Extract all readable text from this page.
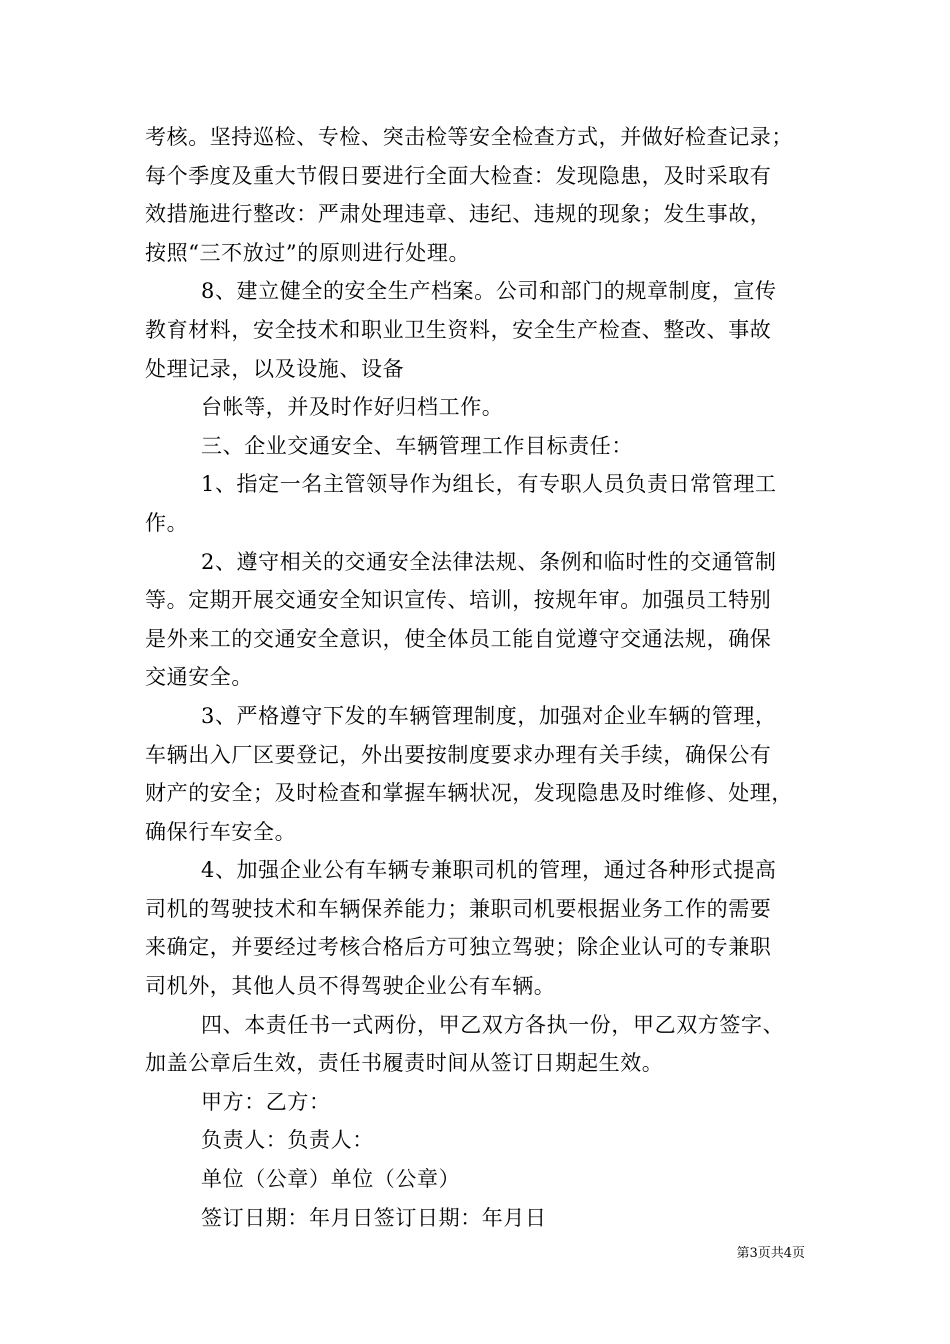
考核。坚持巡检、专检、突击检等安全检查方式，并做好检查记录；
每个季度及重大节假日要进行全面大检查：发现隐患，及时采取有
效措施进行整改：严肃处理违章、违纪、违规的现象；发生事故，
按照“三不放过”的原则进行处理。
8、建立健全的安全生产档案。公司和部门的规章制度，宣传
教育材料，安全技术和职业卫生资料，安全生产检查、整改、事故
处理记录，以及设施、设备
台帐等，并及时作好归档工作。
三、企业交通安全、车辆管理工作目标责任：
1、指定一名主管领导作为组长，有专职人员负责日常管理工
作。
2、遵守相关的交通安全法律法规、条例和临时性的交通管制
等。定期开展交通安全知识宣传、培训，按规年审。加强员工特别
是外来工的交通安全意识，使全体员工能自觉遵守交通法规，确保
交通安全。
3、严格遵守下发的车辆管理制度，加强对企业车辆的管理，
车辆出入厂区要登记，外出要按制度要求办理有关手续，确保公有
财产的安全；及时检查和掌握车辆状况，发现隐患及时维修、处理，
确保行车安全。
4、加强企业公有车辆专兼职司机的管理，通过各种形式提高
司机的驾驶技术和车辆保养能力；兼职司机要根据业务工作的需要
来确定，并要经过考核合格后方可独立驾驶；除企业认可的专兼职
司机外，其他人员不得驾驶企业公有车辆。
四、本责任书一式两份，甲乙双方各执一份，甲乙双方签字、
加盖公章后生效，责任书履责时间从签订日期起生效。
甲方：乙方：
负责人：负责人：
单位（公章）单位（公章）
签订日期：年月日签订日期：年月日
第3页共4页
